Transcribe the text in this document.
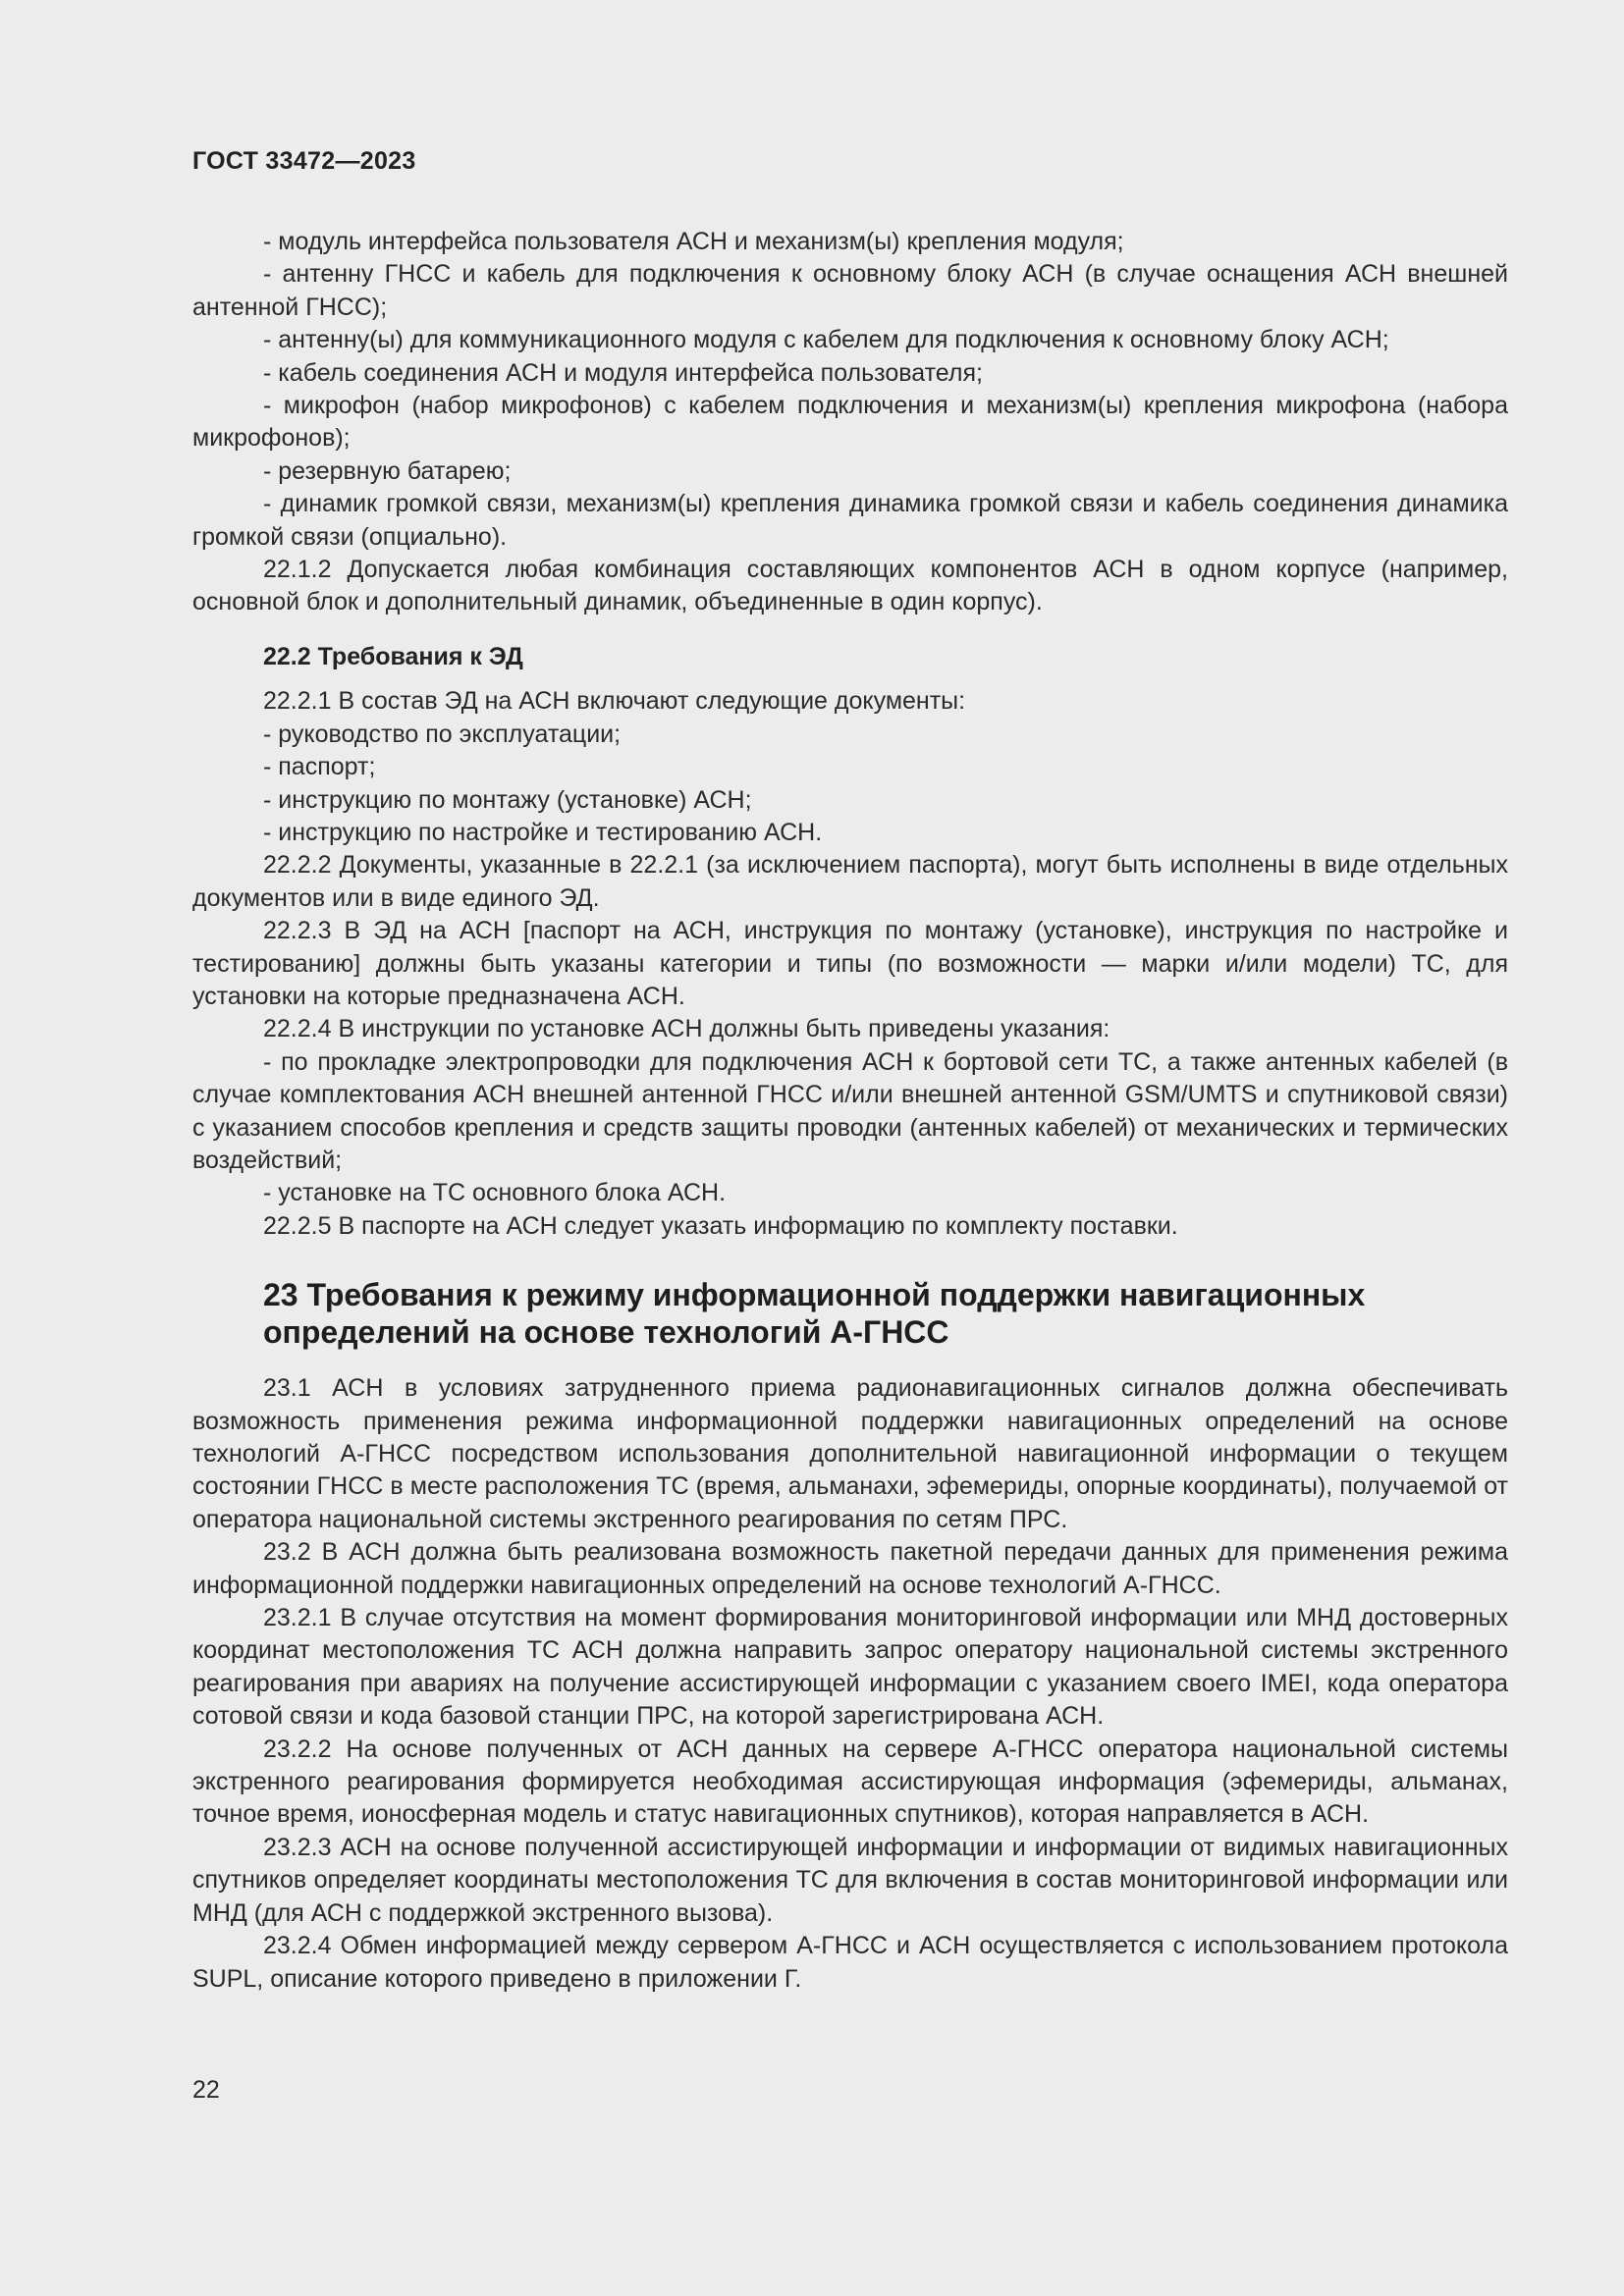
ГОСТ 33472—2023

- модуль интерфейса пользователя АСН и механизм(ы) крепления модуля;

- антенну ГНСС и кабель для подключения к основному блоку АСН (в случае оснащения АСН внешней антенной ГНСС);

- антенну(ы) для коммуникационного модуля с кабелем для подключения к основному блоку АСН;

- кабель соединения АСН и модуля интерфейса пользователя;

- микрофон (набор микрофонов) с кабелем подключения и механизм(ы) крепления микрофона (набора микрофонов);

- резервную батарею;

- динамик громкой связи, механизм(ы) крепления динамика громкой связи и кабель соединения динамика громкой связи (опциально).

22.1.2 Допускается любая комбинация составляющих компонентов АСН в одном корпусе (например, основной блок и дополнительный динамик, объединенные в один корпус).

22.2 Требования к ЭД

22.2.1 В состав ЭД на АСН включают следующие документы:

- руководство по эксплуатации;

- паспорт;

- инструкцию по монтажу (установке) АСН;

- инструкцию по настройке и тестированию АСН.

22.2.2 Документы, указанные в 22.2.1 (за исключением паспорта), могут быть исполнены в виде отдельных документов или в виде единого ЭД.

22.2.3 В ЭД на АСН [паспорт на АСН, инструкция по монтажу (установке), инструкция по настройке и тестированию] должны быть указаны категории и типы (по возможности — марки и/или модели) ТС, для установки на которые предназначена АСН.

22.2.4 В инструкции по установке АСН должны быть приведены указания:

- по прокладке электропроводки для подключения АСН к бортовой сети ТС, а также антенных кабелей (в случае комплектования АСН внешней антенной ГНСС и/или внешней антенной GSM/UMTS и спутниковой связи) с указанием способов крепления и средств защиты проводки (антенных кабелей) от механических и термических воздействий;

- установке на ТС основного блока АСН.

22.2.5 В паспорте на АСН следует указать информацию по комплекту поставки.

23 Требования к режиму информационной поддержки навигационных определений на основе технологий А-ГНСС

23.1 АСН в условиях затрудненного приема радионавигационных сигналов должна обеспечивать возможность применения режима информационной поддержки навигационных определений на основе технологий А-ГНСС посредством использования дополнительной навигационной информации о текущем состоянии ГНСС в месте расположения ТС (время, альманахи, эфемериды, опорные координаты), получаемой от оператора национальной системы экстренного реагирования по сетям ПРС.

23.2 В АСН должна быть реализована возможность пакетной передачи данных для применения режима информационной поддержки навигационных определений на основе технологий А-ГНСС.

23.2.1 В случае отсутствия на момент формирования мониторинговой информации или МНД достоверных координат местоположения ТС АСН должна направить запрос оператору национальной системы экстренного реагирования при авариях на получение ассистирующей информации с указанием своего IMEI, кода оператора сотовой связи и кода базовой станции ПРС, на которой зарегистрирована АСН.

23.2.2 На основе полученных от АСН данных на сервере А-ГНСС оператора национальной системы экстренного реагирования формируется необходимая ассистирующая информация (эфемериды, альманах, точное время, ионосферная модель и статус навигационных спутников), которая направляется в АСН.

23.2.3 АСН на основе полученной ассистирующей информации и информации от видимых навигационных спутников определяет координаты местоположения ТС для включения в состав мониторинговой информации или МНД (для АСН с поддержкой экстренного вызова).

23.2.4 Обмен информацией между сервером А-ГНСС и АСН осуществляется с использованием протокола SUPL, описание которого приведено в приложении Г.

22
